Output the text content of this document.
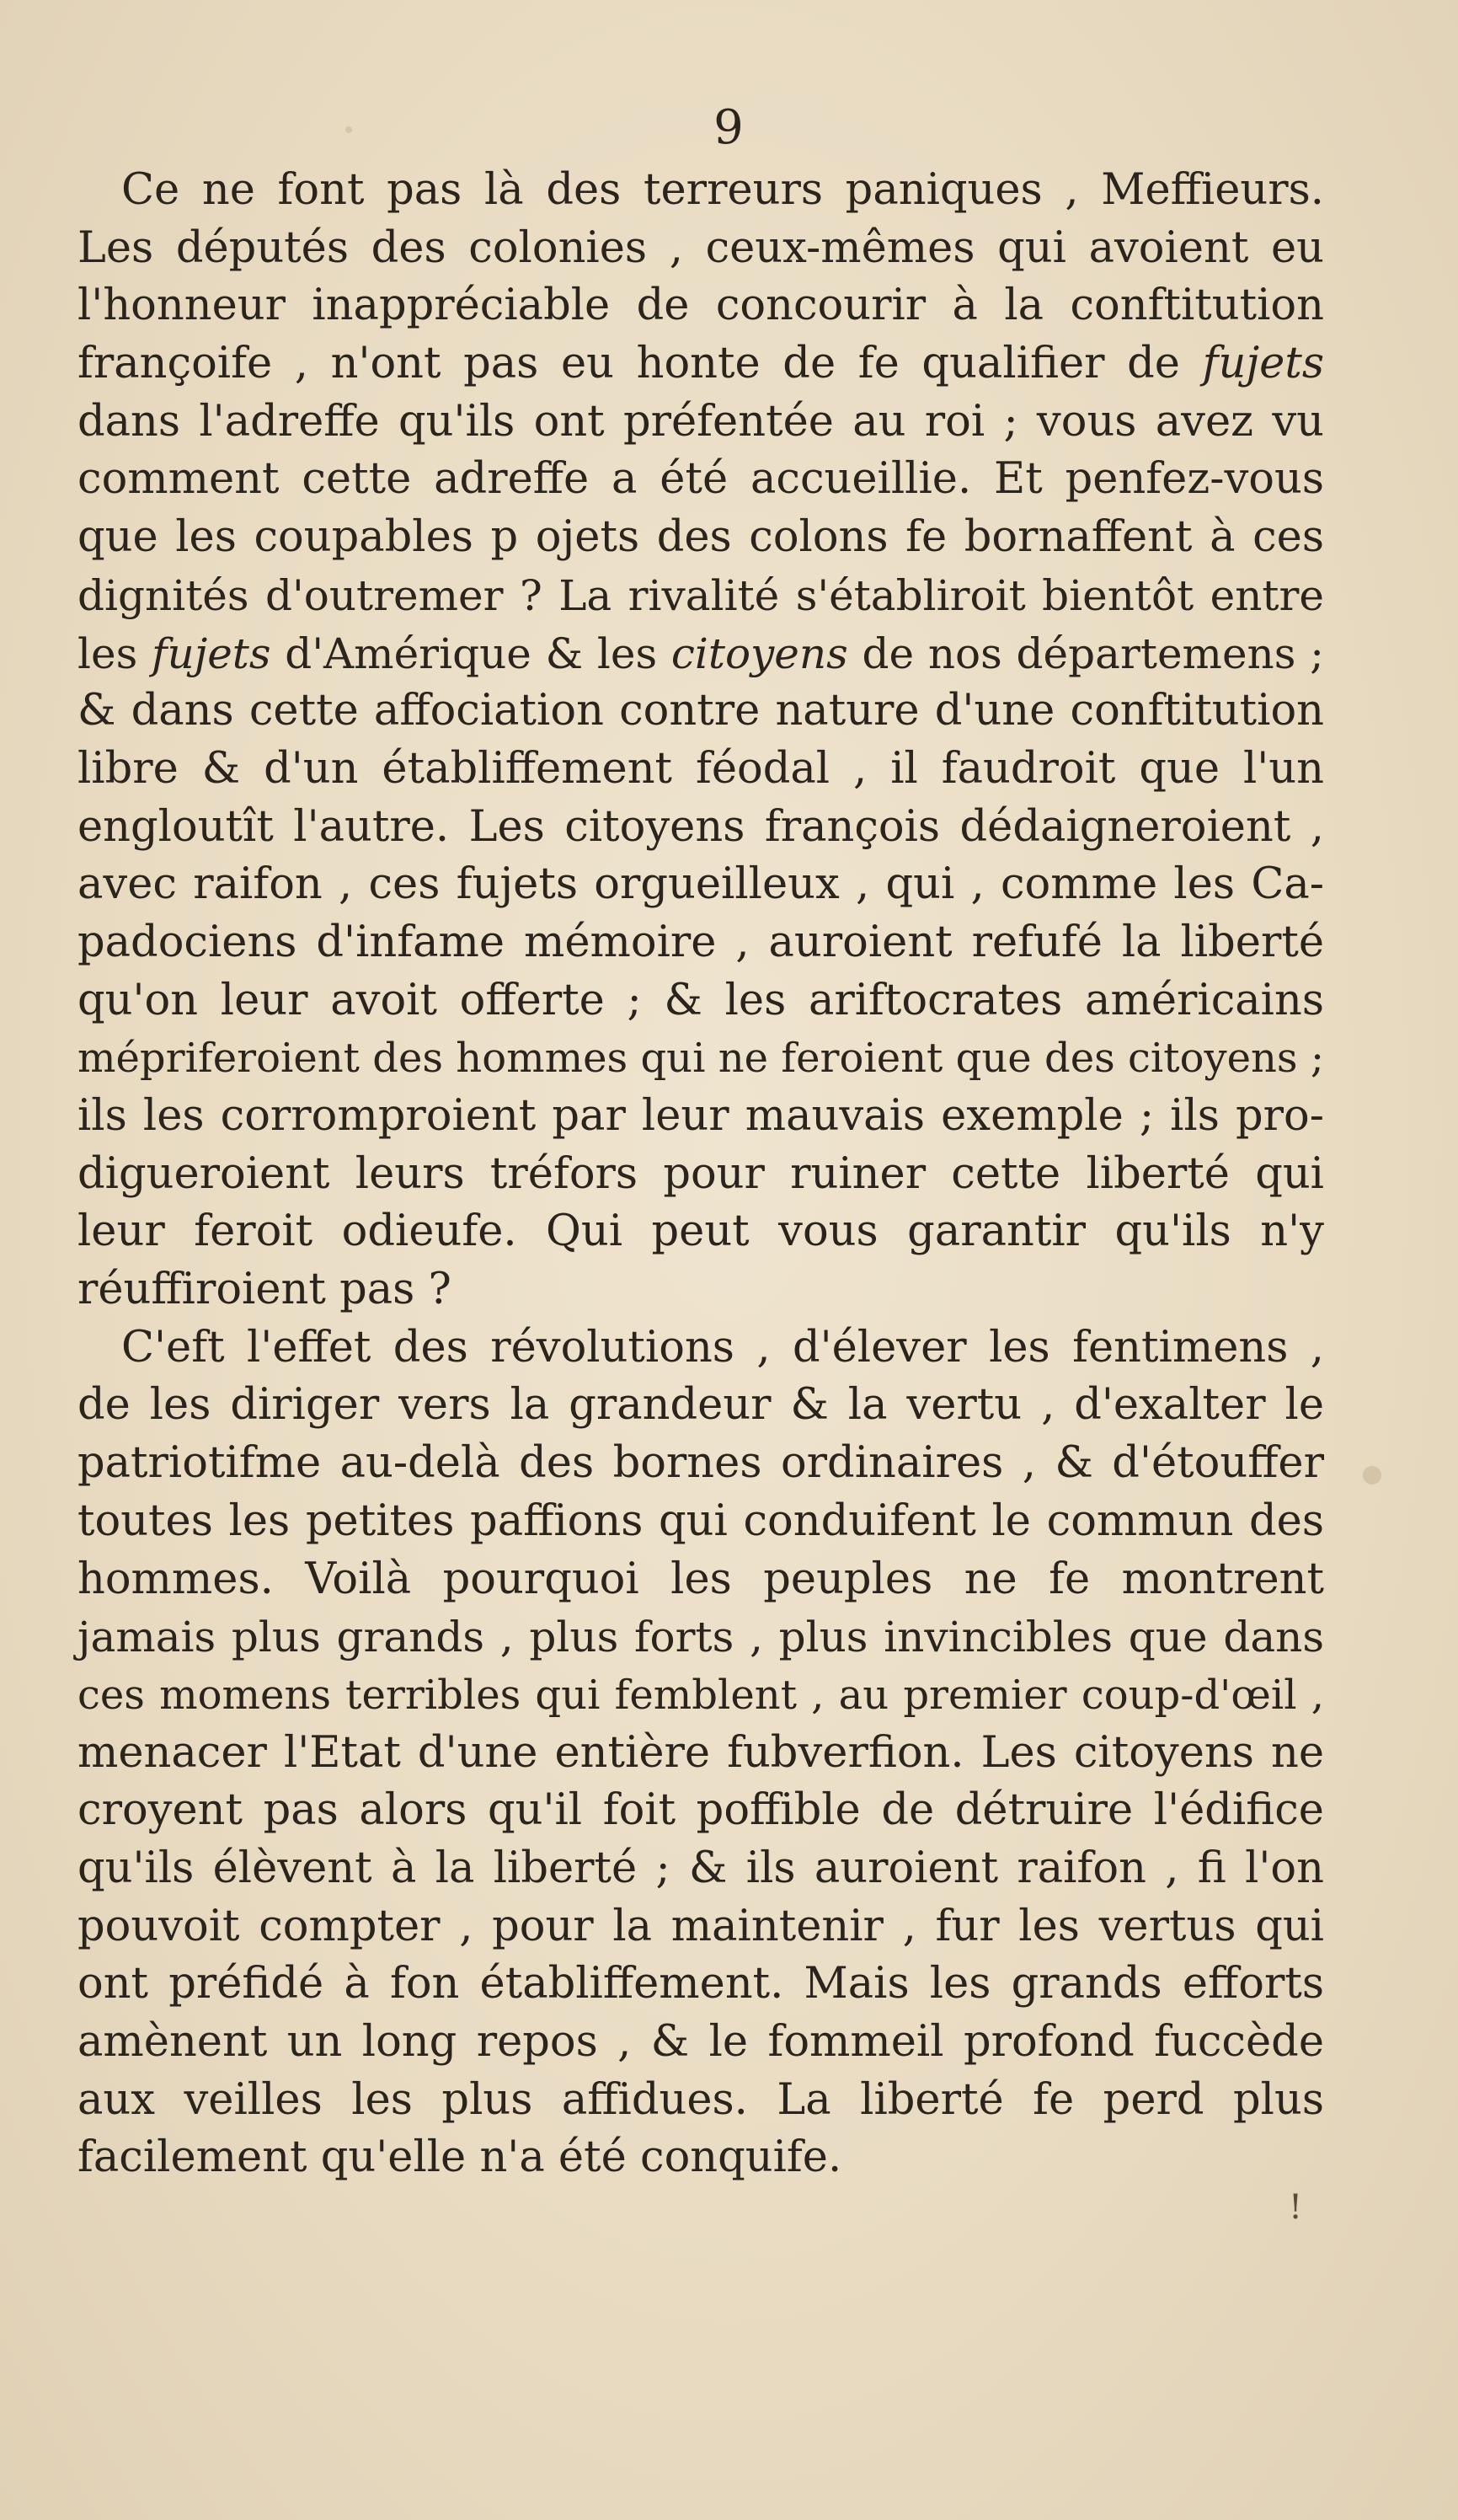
!
9
Ce ne font pas là des terreurs paniques , Meffieurs.
Les députés des colonies , ceux-mêmes qui avoient eu
l'honneur inappréciable de concourir à la conftitution
françoife , n'ont pas eu honte de fe qualifier de fujets
dans l'adreffe qu'ils ont préfentée au roi ; vous avez vu
comment cette adreffe a été accueillie. Et penfez-vous
que les coupables p ojets des colons fe bornaffent à ces
dignités d'outremer ? La rivalité s'établiroit bientôt entre
les fujets d'Amérique & les citoyens de nos départemens ;
& dans cette affociation contre nature d'une conftitution
libre & d'un établiffement féodal , il faudroit que l'un
engloutît l'autre. Les citoyens françois dédaigneroient ,
avec raifon , ces fujets orgueilleux , qui , comme les Ca-
padociens d'infame mémoire , auroient refufé la liberté
qu'on leur avoit offerte ; & les ariftocrates américains
mépriferoient des hommes qui ne feroient que des citoyens ;
ils les corromproient par leur mauvais exemple ; ils pro-
digueroient leurs tréfors pour ruiner cette liberté qui
leur feroit odieufe. Qui peut vous garantir qu'ils n'y
réuffiroient pas ?
C'eft l'effet des révolutions , d'élever les fentimens ,
de les diriger vers la grandeur & la vertu , d'exalter le
patriotifme au-delà des bornes ordinaires , & d'étouffer
toutes les petites paffions qui conduifent le commun des
hommes. Voilà pourquoi les peuples ne fe montrent
jamais plus grands , plus forts , plus invincibles que dans
ces momens terribles qui femblent , au premier coup-d'œil ,
menacer l'Etat d'une entière fubverfion. Les citoyens ne
croyent pas alors qu'il foit poffible de détruire l'édifice
qu'ils élèvent à la liberté ; & ils auroient raifon , fi l'on
pouvoit compter , pour la maintenir , fur les vertus qui
ont préfidé à fon établiffement. Mais les grands efforts
amènent un long repos , & le fommeil profond fuccède
aux veilles les plus affidues. La liberté fe perd plus
facilement qu'elle n'a été conquife.
